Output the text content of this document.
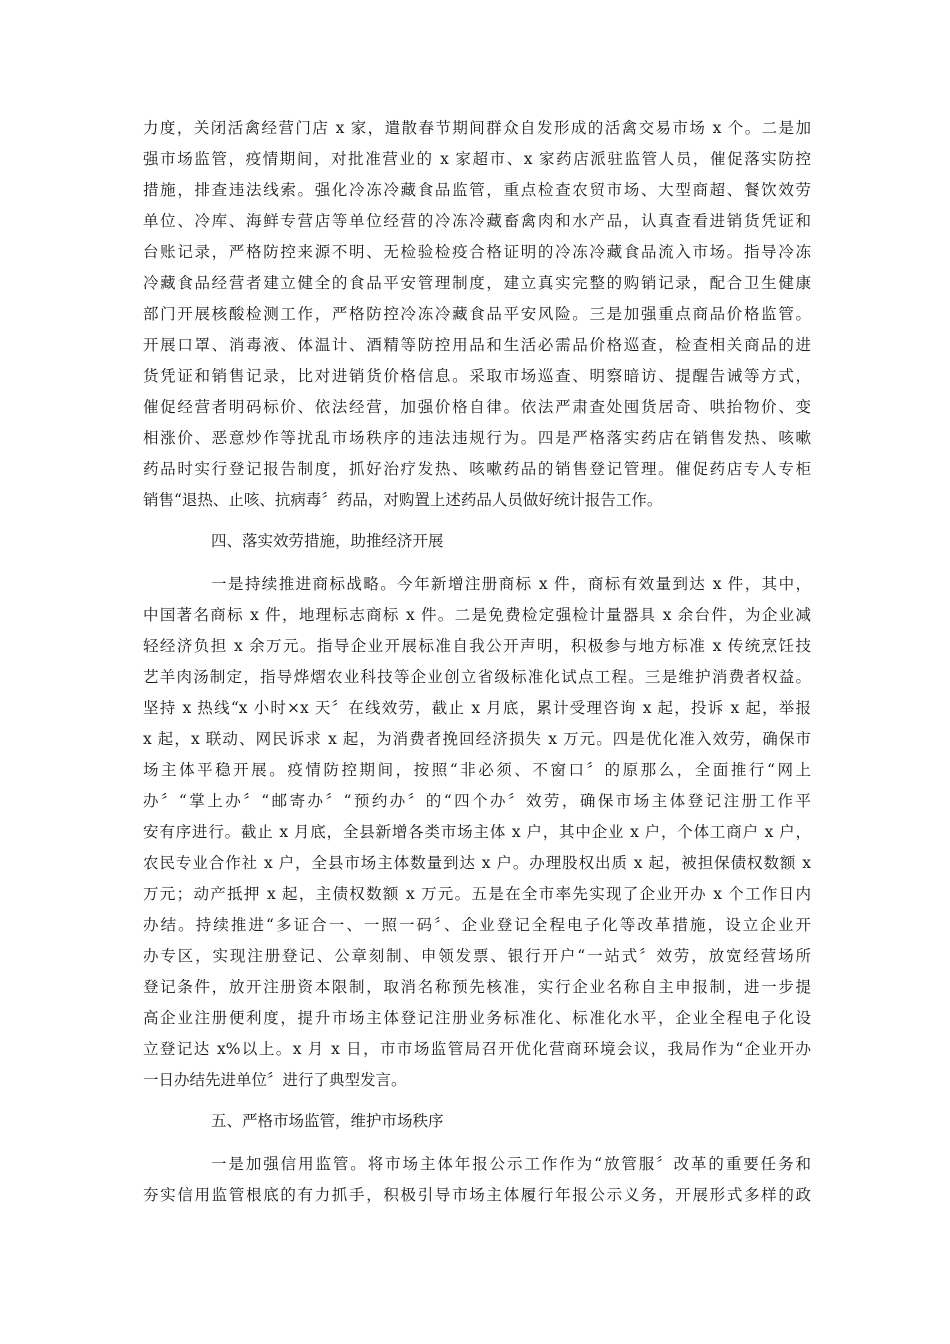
力度，关闭活禽经营门店 x 家，遣散春节期间群众自发形成的活禽交易市场 x 个。二是加
强市场监管，疫情期间，对批准营业的 x 家超市、x 家药店派驻监管人员，催促落实防控
措施，排查违法线索。强化冷冻冷藏食品监管，重点检查农贸市场、大型商超、餐饮效劳
单位、冷库、海鲜专营店等单位经营的冷冻冷藏畜禽肉和水产品，认真查看进销货凭证和
台账记录，严格防控来源不明、无检验检疫合格证明的冷冻冷藏食品流入市场。指导冷冻
冷藏食品经营者建立健全的食品平安管理制度，建立真实完整的购销记录，配合卫生健康
部门开展核酸检测工作，严格防控冷冻冷藏食品平安风险。三是加强重点商品价格监管。
开展口罩、消毒液、体温计、酒精等防控用品和生活必需品价格巡查，检查相关商品的进
货凭证和销售记录，比对进销货价格信息。采取市场巡查、明察暗访、提醒告诫等方式，
催促经营者明码标价、依法经营，加强价格自律。依法严肃查处囤货居奇、哄抬物价、变
相涨价、恶意炒作等扰乱市场秩序的违法违规行为。四是严格落实药店在销售发热、咳嗽
药品时实行登记报告制度，抓好治疗发热、咳嗽药品的销售登记管理。催促药店专人专柜
销售“退热、止咳、抗病毒〞药品，对购置上述药品人员做好统计报告工作。
四、落实效劳措施，助推经济开展
一是持续推进商标战略。今年新增注册商标 x 件，商标有效量到达 x 件，其中，
中国著名商标 x 件，地理标志商标 x 件。二是免费检定强检计量器具 x 余台件，为企业减
轻经济负担 x 余万元。指导企业开展标准自我公开声明，积极参与地方标准 x 传统烹饪技
艺羊肉汤制定，指导烨熠农业科技等企业创立省级标准化试点工程。三是维护消费者权益。
坚持 x 热线“x 小时×x 天〞在线效劳，截止 x 月底，累计受理咨询 x 起，投诉 x 起，举报
x 起，x 联动、网民诉求 x 起，为消费者挽回经济损失 x 万元。四是优化准入效劳，确保市
场主体平稳开展。疫情防控期间，按照“非必须、不窗口〞的原那么，全面推行“网上
办〞“掌上办〞“邮寄办〞“预约办〞的“四个办〞效劳，确保市场主体登记注册工作平
安有序进行。截止 x 月底，全县新增各类市场主体 x 户，其中企业 x 户，个体工商户 x 户，
农民专业合作社 x 户，全县市场主体数量到达 x 户。办理股权出质 x 起，被担保债权数额 x
万元；动产抵押 x 起，主债权数额 x 万元。五是在全市率先实现了企业开办 x 个工作日内
办结。持续推进“多证合一、一照一码〞、企业登记全程电子化等改革措施，设立企业开
办专区，实现注册登记、公章刻制、申领发票、银行开户“一站式〞效劳，放宽经营场所
登记条件，放开注册资本限制，取消名称预先核准，实行企业名称自主申报制，进一步提
高企业注册便利度，提升市场主体登记注册业务标准化、标准化水平，企业全程电子化设
立登记达 x%以上。x 月 x 日，市市场监管局召开优化营商环境会议，我局作为“企业开办
一日办结先进单位〞进行了典型发言。
五、严格市场监管，维护市场秩序
一是加强信用监管。将市场主体年报公示工作作为“放管服〞改革的重要任务和
夯实信用监管根底的有力抓手，积极引导市场主体履行年报公示义务，开展形式多样的政
